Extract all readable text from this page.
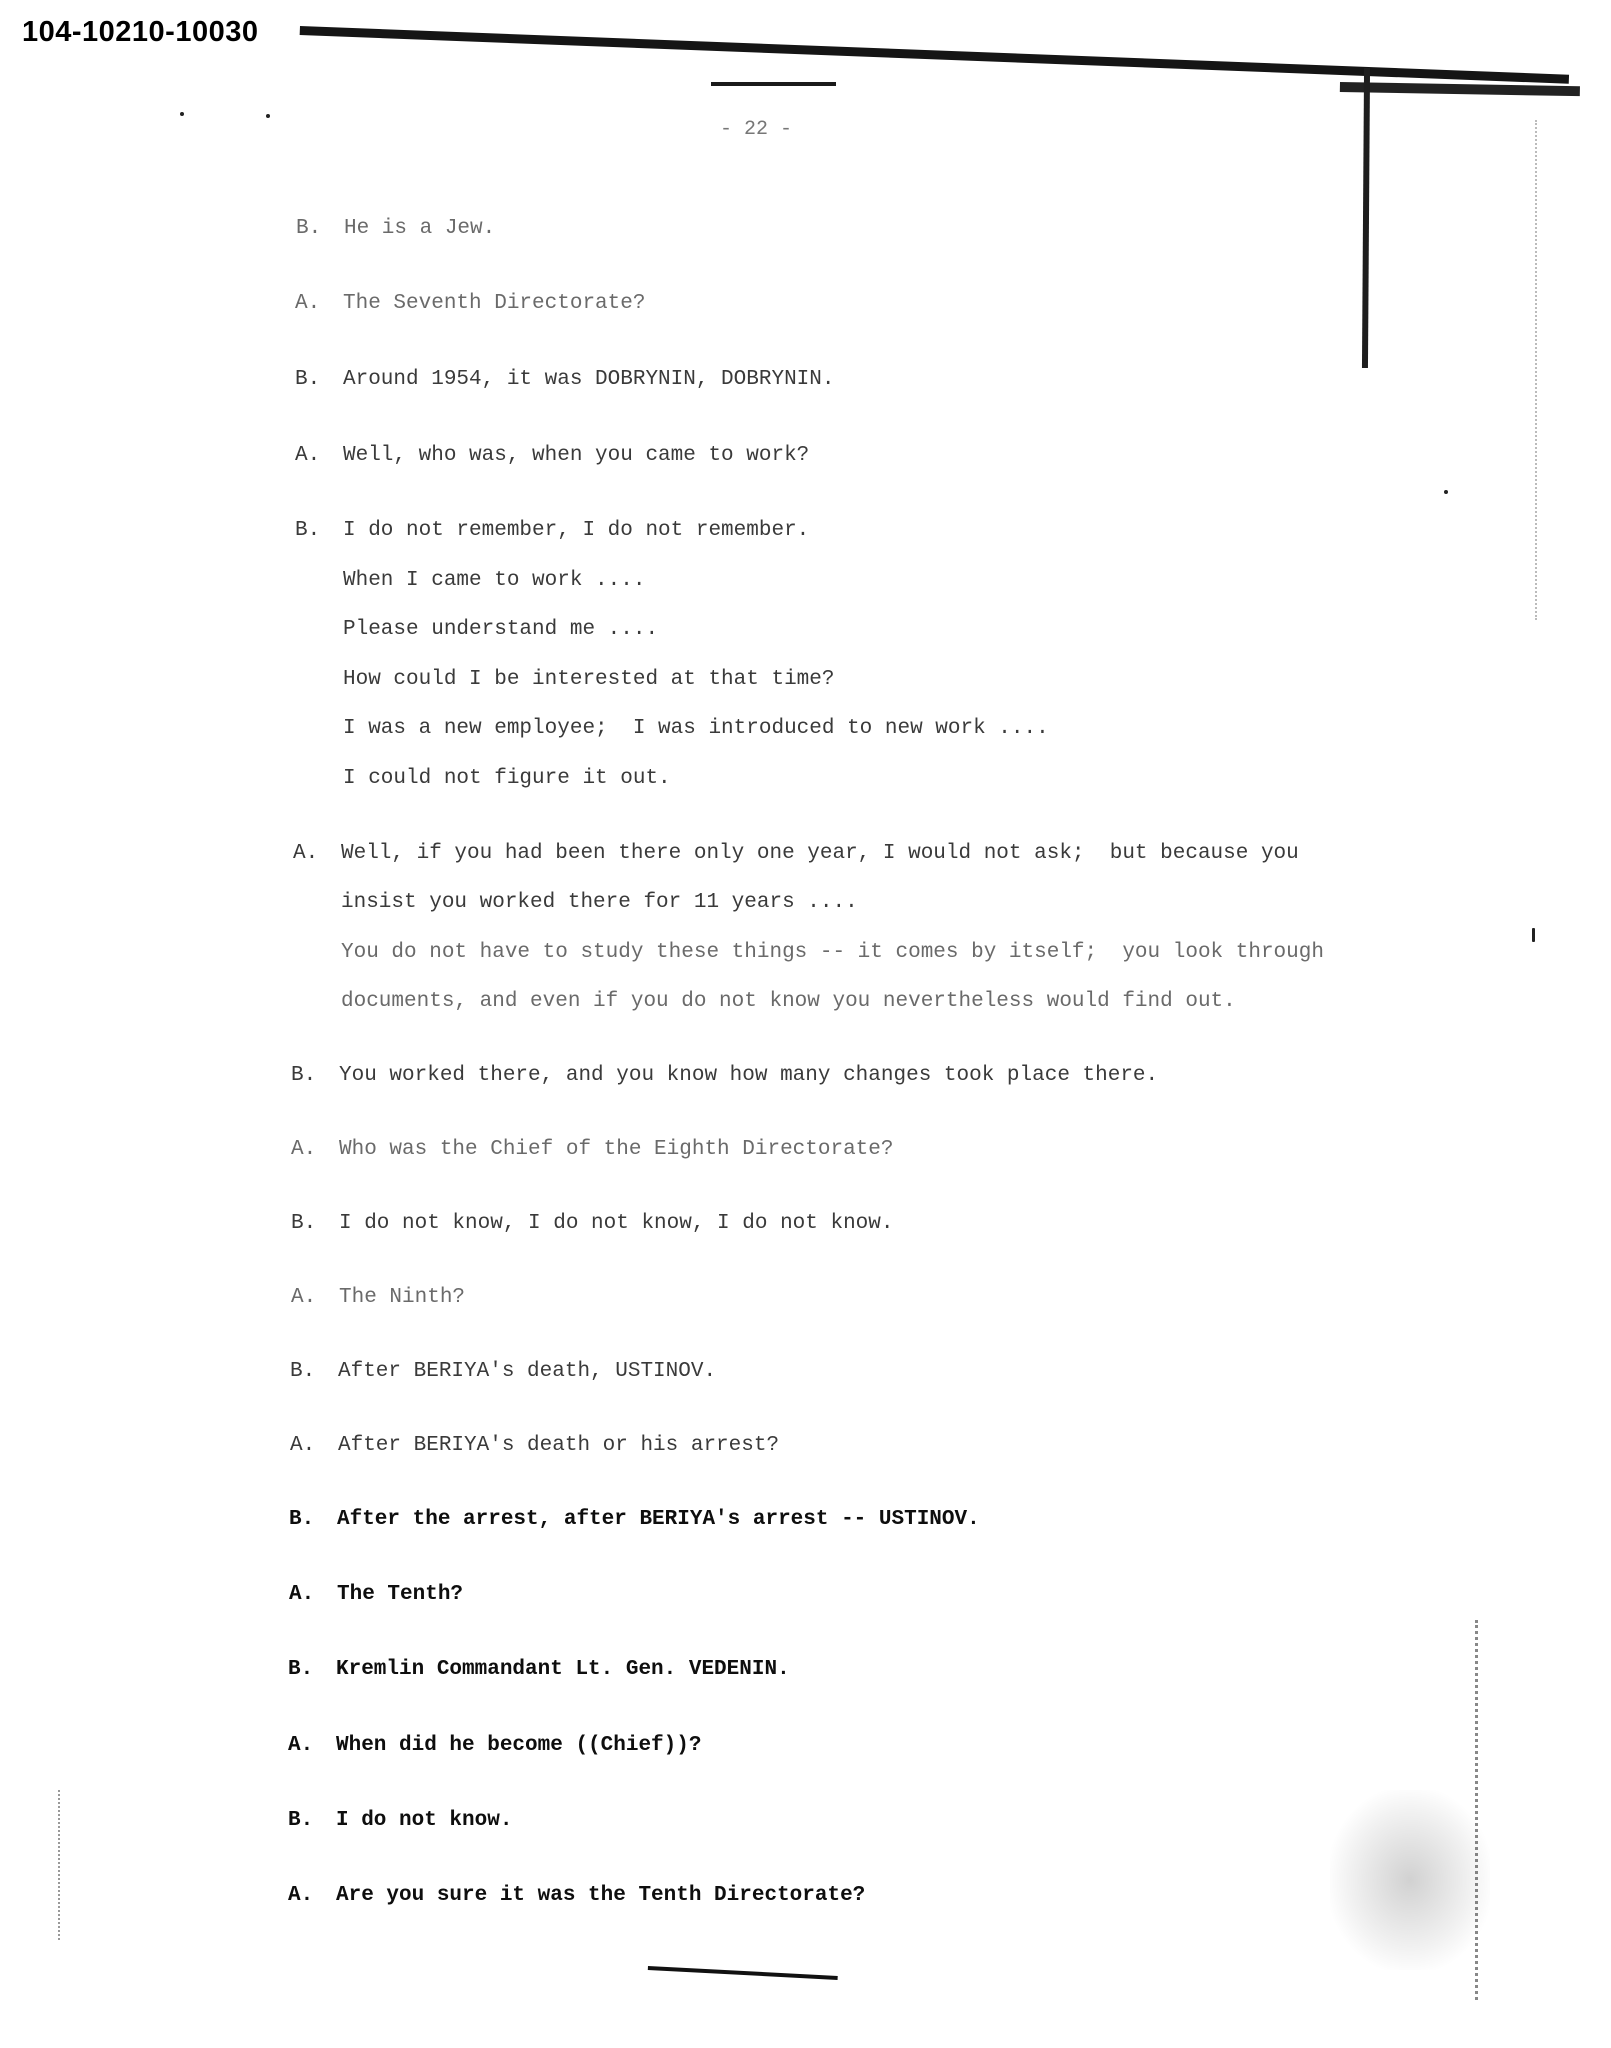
104-10210-10030
- 22 -
B. He is a Jew.
A. The Seventh Directorate?
B. Around 1954, it was DOBRYNIN, DOBRYNIN.
A. Well, who was, when you came to work?
B. I do not remember, I do not remember.
When I came to work ....
Please understand me ....
How could I be interested at that time?
I was a new employee;  I was introduced to new work ....
I could not figure it out.
A. Well, if you had been there only one year, I would not ask;  but because you
insist you worked there for 11 years ....
You do not have to study these things -- it comes by itself;  you look through
documents, and even if you do not know you nevertheless would find out.
B. You worked there, and you know how many changes took place there.
A. Who was the Chief of the Eighth Directorate?
B. I do not know, I do not know, I do not know.
A. The Ninth?
B. After BERIYA's death, USTINOV.
A. After BERIYA's death or his arrest?
B. After the arrest, after BERIYA's arrest -- USTINOV.
A. The Tenth?
B. Kremlin Commandant Lt. Gen. VEDENIN.
A. When did he become ((Chief))?
B. I do not know.
A. Are you sure it was the Tenth Directorate?
